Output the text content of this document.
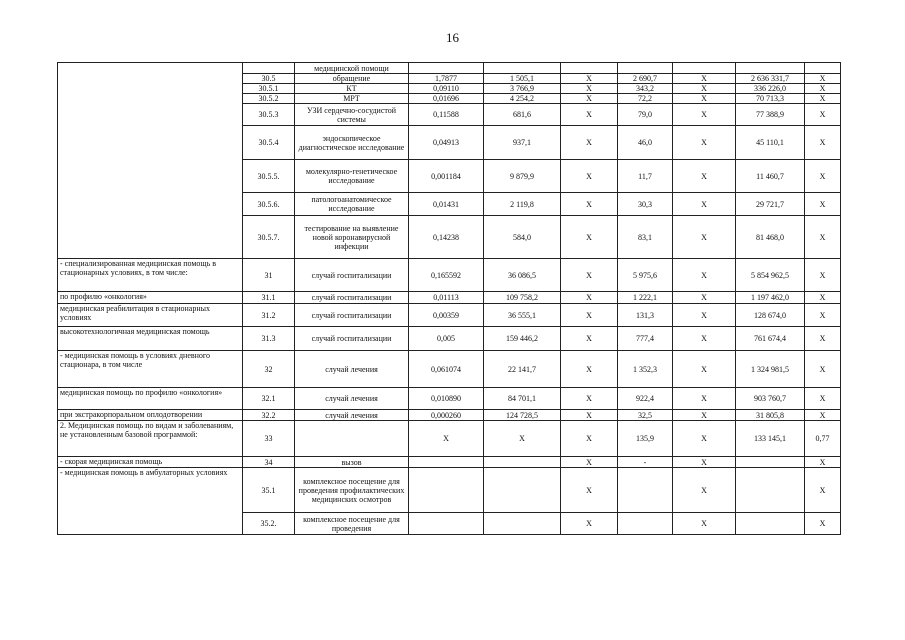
16
		медицинской помощи							
	30.5	обращение	1,7877	1 505,1	X	2 690,7	X	2 636 331,7	X
	30.5.1	КТ	0,09110	3 766,9	X	343,2	X	336 226,0	X
	30.5.2	МРТ	0,01696	4 254,2	X	72,2	X	70 713,3	X
	30.5.3	УЗИ сердечно-сосудистой системы	0,11588	681,6	X	79,0	X	77 388,9	X
	30.5.4	эндоскопическое диагностическое исследование	0,04913	937,1	X	46,0	X	45 110,1	X
	30.5.5.	молекулярно-генетическое исследование	0,001184	9 879,9	X	11,7	X	11 460,7	X
	30.5.6.	патологоанатомическое исследование	0,01431	2 119,8	X	30,3	X	29 721,7	X
	30.5.7.	тестирование на выявление новой коронавирусной инфекции	0,14238	584,0	X	83,1	X	81 468,0	X
- специализированная медицинская помощь в стационарных условиях, в том числе:	31	случай госпитализации	0,165592	36 086,5	X	5 975,6	X	5 854 962,5	X
по профилю «онкология»	31.1	случай госпитализации	0,01113	109 758,2	X	1 222,1	X	1 197 462,0	X
медицинская реабилитация в стационарных условиях	31.2	случай госпитализации	0,00359	36 555,1	X	131,3	X	128 674,0	X
высокотехнологичная медицинская помощь	31.3	случай госпитализации	0,005	159 446,2	X	777,4	X	761 674,4	X
- медицинская помощь в условиях дневного стационара, в том числе	32	случай лечения	0,061074	22 141,7	X	1 352,3	X	1 324 981,5	X
медицинская помощь по профилю «онкология»	32.1	случай лечения	0,010890	84 701,1	X	922,4	X	903 760,7	X
при экстракорпоральном оплодотворении	32.2	случай лечения	0,000260	124 728,5	X	32,5	X	31 805,8	X
2. Медицинская помощь по видам и заболеваниям, не установленным базовой программой:	33		X	X	X	135,9	X	133 145,1	0,77
- скорая медицинская помощь	34	вызов			X	-	X		X
- медицинская помощь в амбулаторных условиях	35.1	комплексное посещение для проведения профилактических медицинских осмотров			X		X		X
	35.2.	комплексное посещение для проведения			X		X		X
